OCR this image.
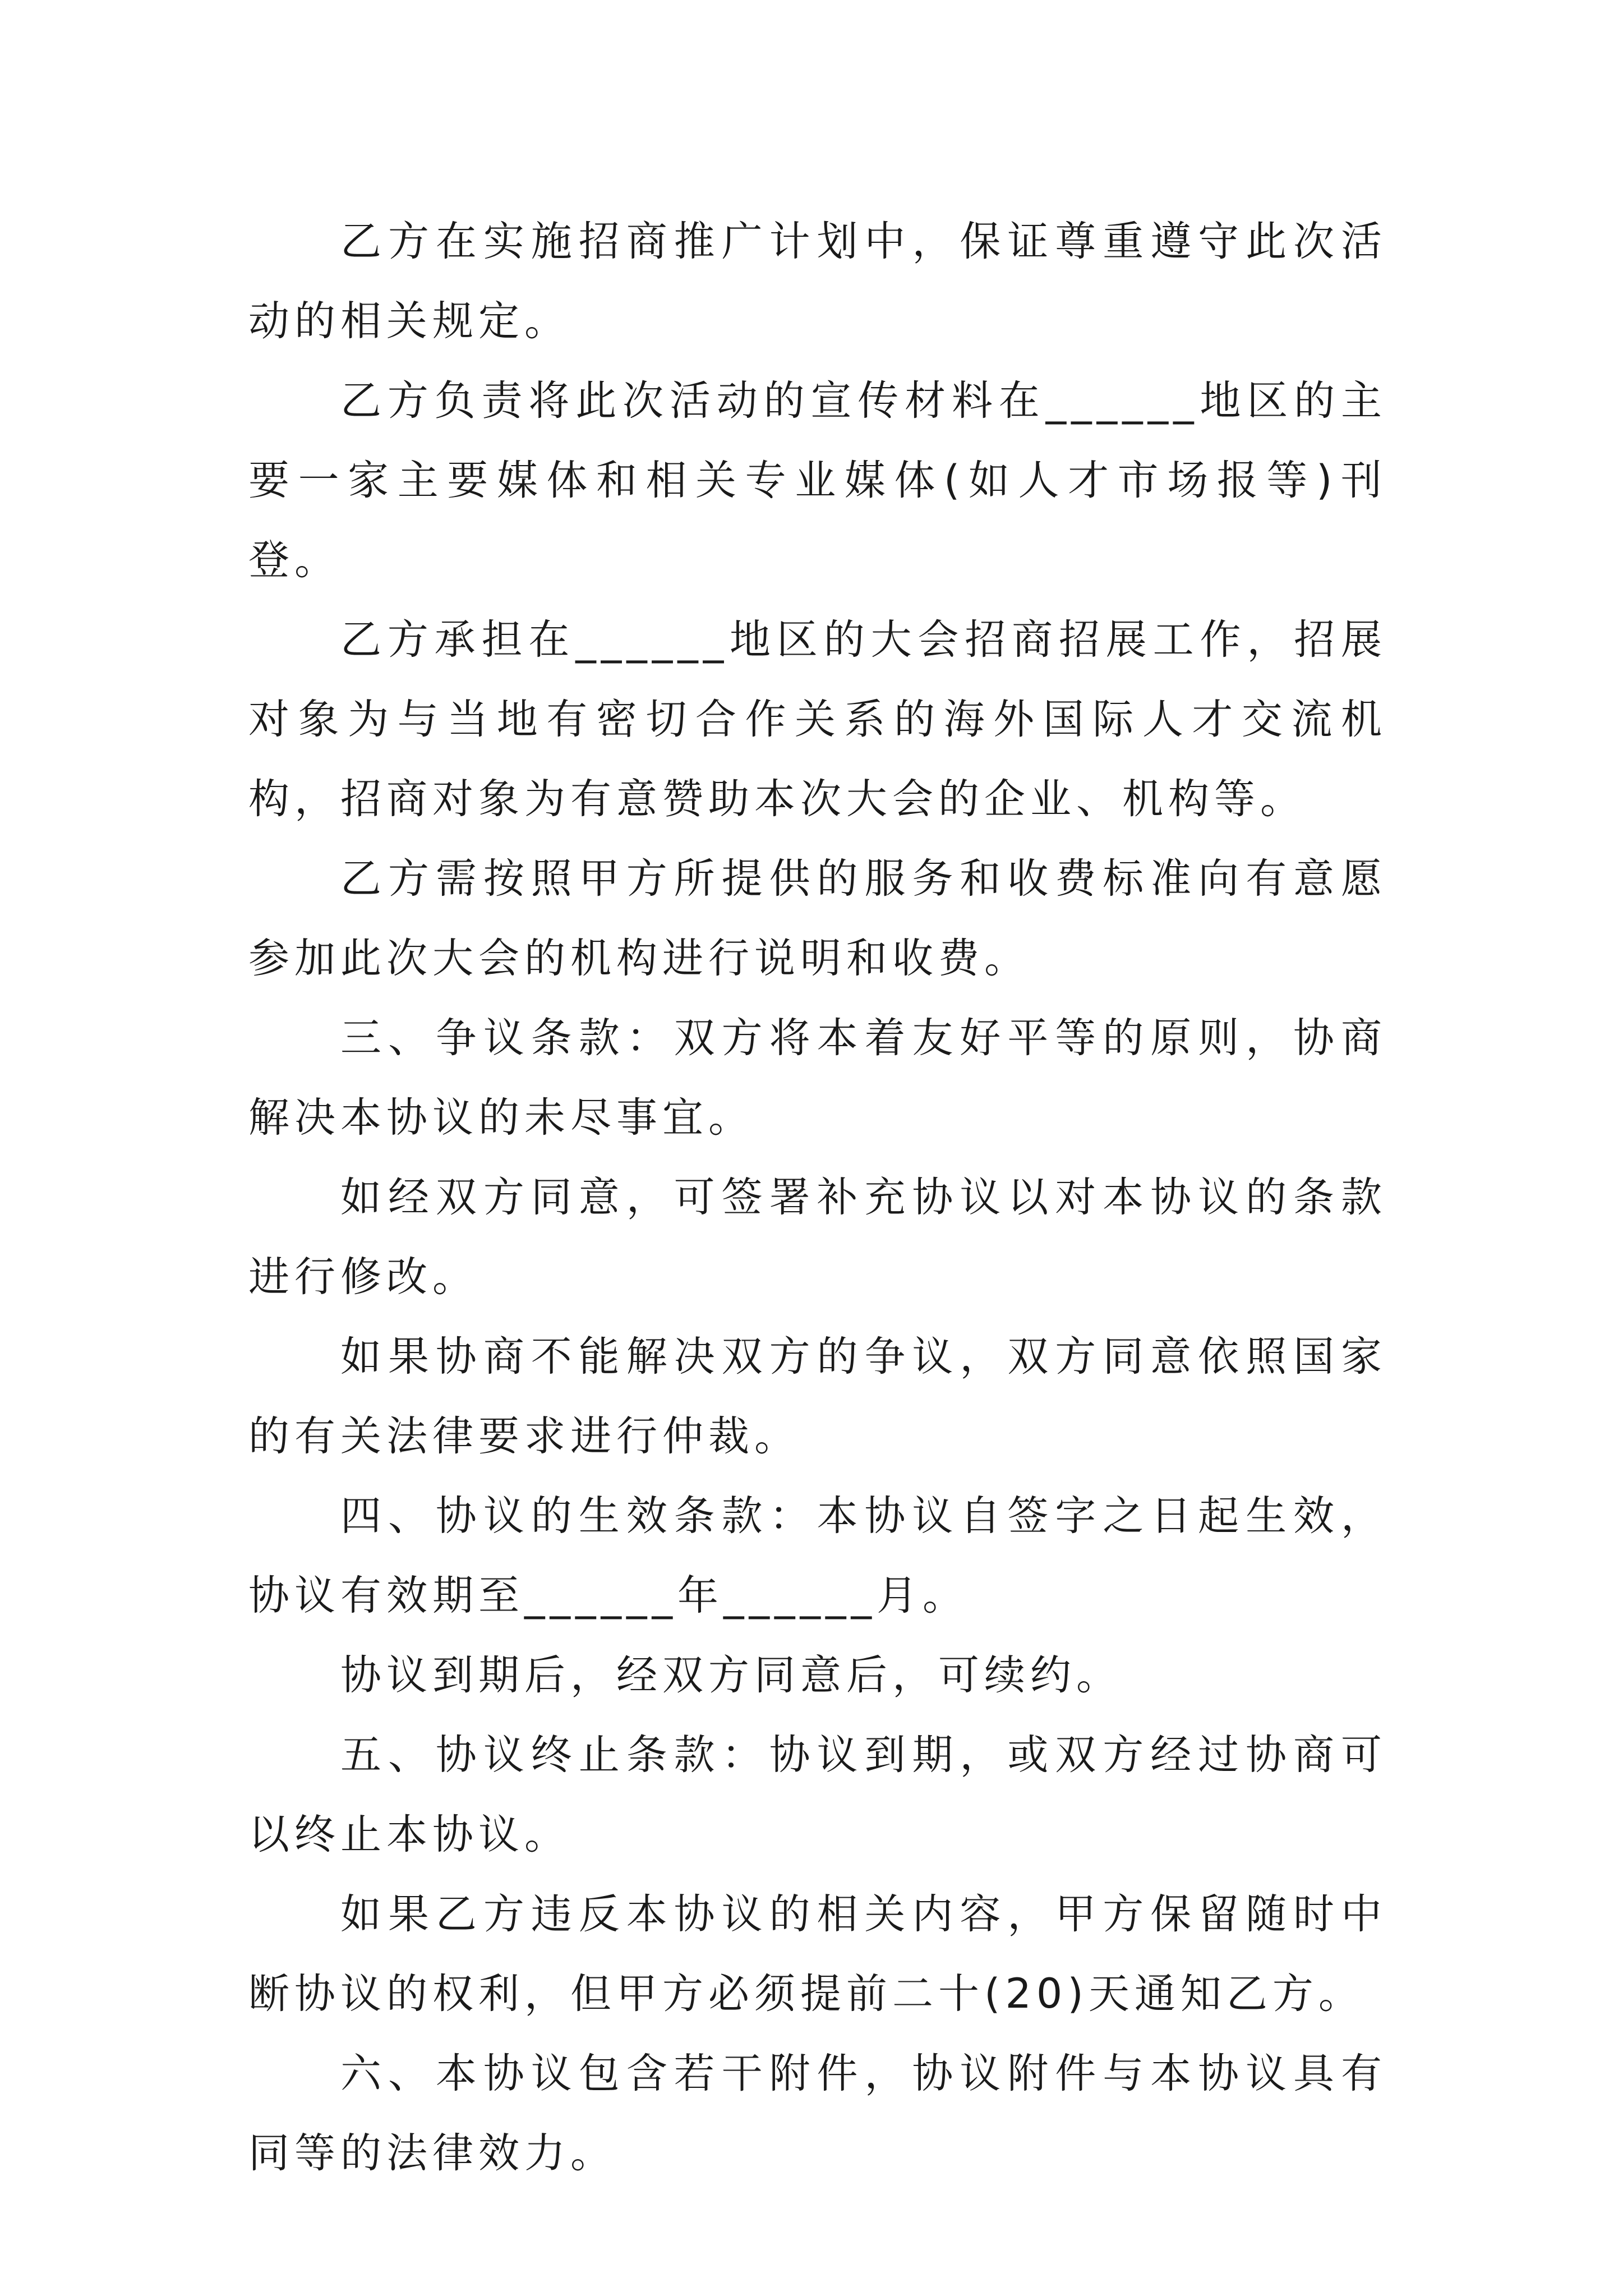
乙方在实施招商推广计划中，保证尊重遵守此次活动的相关规定。

乙方负责将此次活动的宣传材料在______地区的主要一家主要媒体和相关专业媒体(如人才市场报等)刊登。

乙方承担在______地区的大会招商招展工作，招展对象为与当地有密切合作关系的海外国际人才交流机构，招商对象为有意赞助本次大会的企业、机构等。

乙方需按照甲方所提供的服务和收费标准向有意愿参加此次大会的机构进行说明和收费。

三、争议条款：双方将本着友好平等的原则，协商解决本协议的未尽事宜。

如经双方同意，可签署补充协议以对本协议的条款进行修改。

如果协商不能解决双方的争议，双方同意依照国家的有关法律要求进行仲裁。

四、协议的生效条款：本协议自签字之日起生效，协议有效期至______年______月。

协议到期后，经双方同意后，可续约。

五、协议终止条款：协议到期，或双方经过协商可以终止本协议。

如果乙方违反本协议的相关内容，甲方保留随时中断协议的权利，但甲方必须提前二十(20)天通知乙方。

六、本协议包含若干附件，协议附件与本协议具有同等的法律效力。
